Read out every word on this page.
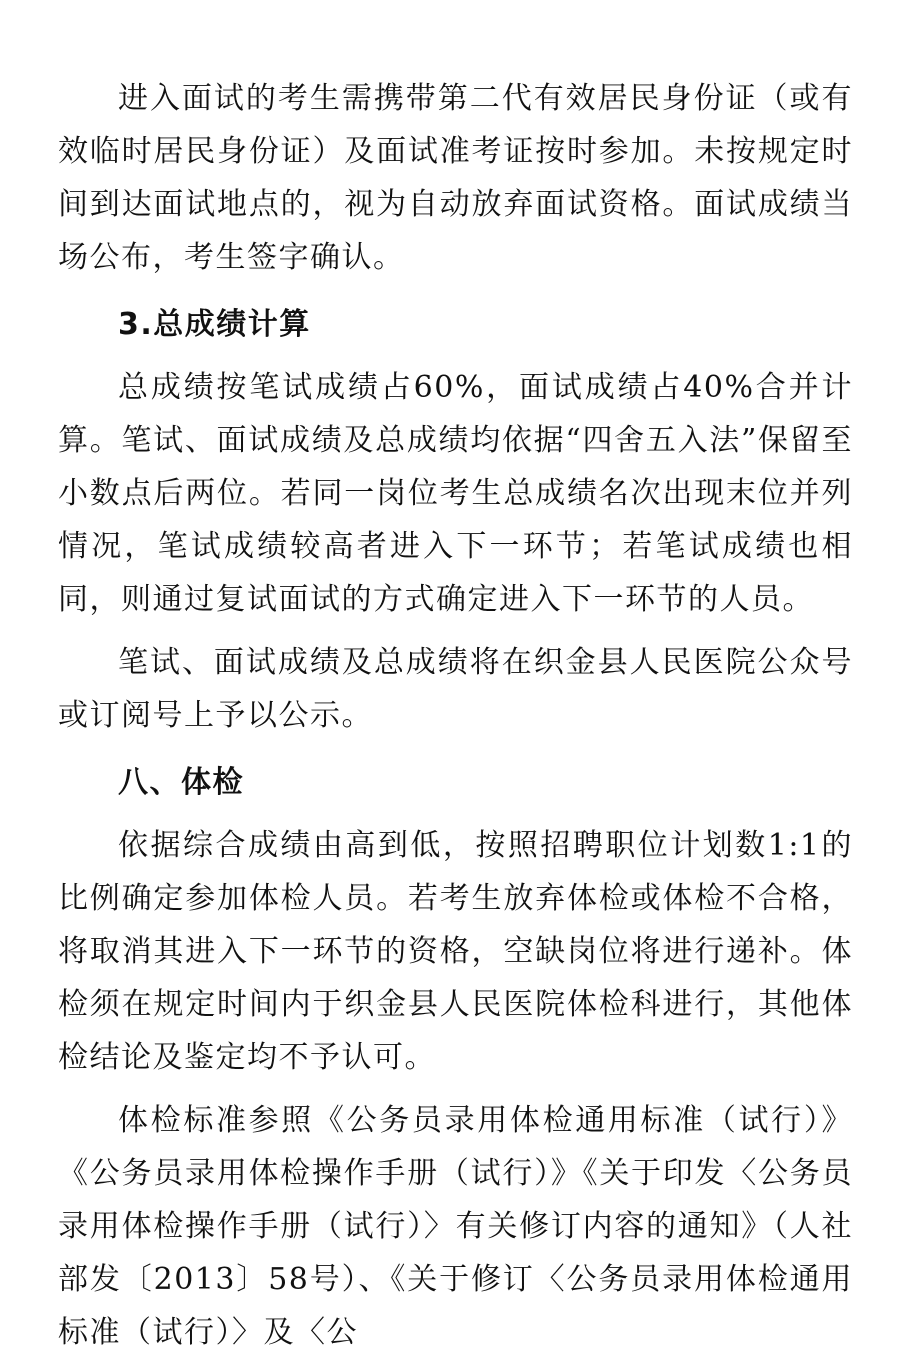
进入面试的考生需携带第二代有效居民身份证（或有效临时居民身份证）及面试准考证按时参加。未按规定时间到达面试地点的，视为自动放弃面试资格。面试成绩当场公布，考生签字确认。

3.总成绩计算

总成绩按笔试成绩占60%，面试成绩占40%合并计算。笔试、面试成绩及总成绩均依据“四舍五入法”保留至小数点后两位。若同一岗位考生总成绩名次出现末位并列情况，笔试成绩较高者进入下一环节；若笔试成绩也相同，则通过复试面试的方式确定进入下一环节的人员。

笔试、面试成绩及总成绩将在织金县人民医院公众号或订阅号上予以公示。

八、体检

依据综合成绩由高到低，按照招聘职位计划数1:1的比例确定参加体检人员。若考生放弃体检或体检不合格，将取消其进入下一环节的资格，空缺岗位将进行递补。体检须在规定时间内于织金县人民医院体检科进行，其他体检结论及鉴定均不予认可。

体检标准参照《公务员录用体检通用标准（试行）》《公务员录用体检操作手册（试行）》《关于印发〈公务员录用体检操作手册（试行）〉有关修订内容的通知》（人社部发〔2013〕58号）、《关于修订〈公务员录用体检通用标准（试行）〉及〈公
